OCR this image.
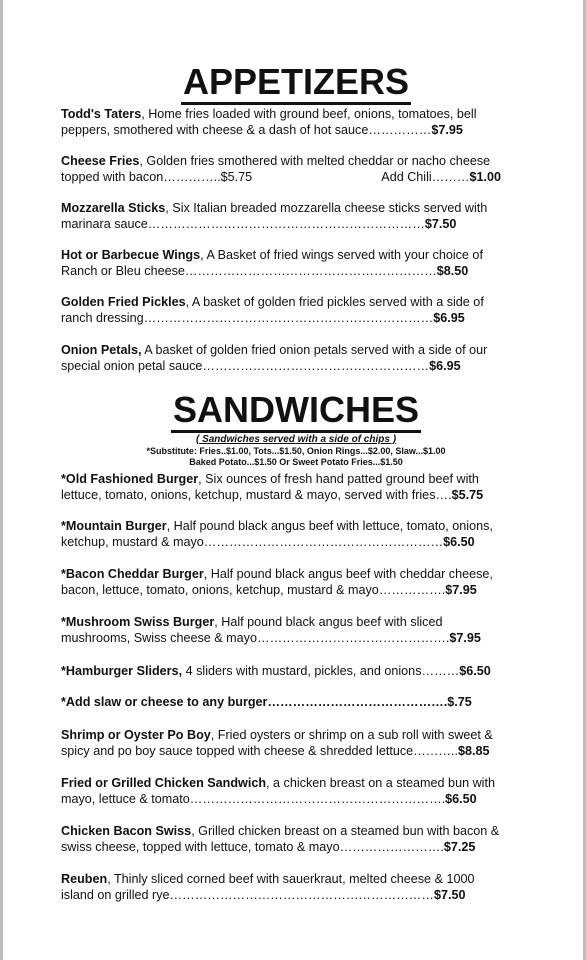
APPETIZERS
Todd's Taters, Home fries loaded with ground beef, onions, tomatoes, bell
peppers, smothered with cheese & a dash of hot sauce……………$7.95
Cheese Fries, Golden fries smothered with melted cheddar or nacho cheese
topped with bacon…………..$5.75	Add Chili………$1.00
Mozzarella Sticks, Six Italian breaded mozzarella cheese sticks served with
marinara sauce…………………………………………………………$7.50
Hot or Barbecue Wings, A Basket of fried wings served with your choice of
Ranch or Bleu cheese……………………………………………………$8.50
Golden Fried Pickles, A basket of golden fried pickles served with a side of
ranch dressing……………………………………………………………$6.95
Onion Petals, A basket of golden fried onion petals served with a side of our
special onion petal sauce………………………………………………$6.95
SANDWICHES
( Sandwiches served with a side of chips )
*Substitute: Fries..$1.00, Tots...$1.50, Onion Rings...$2.00, Slaw...$1.00
Baked Potato...$1.50 Or Sweet Potato Fries...$1.50
*Old Fashioned Burger, Six ounces of fresh hand patted ground beef with
lettuce, tomato, onions, ketchup, mustard & mayo, served with fries….$5.75
*Mountain Burger, Half pound black angus beef with lettuce, tomato, onions,
ketchup, mustard & mayo…………………………………………………$6.50
*Bacon Cheddar Burger, Half pound black angus beef with cheddar cheese,
bacon, lettuce, tomato, onions, ketchup, mustard & mayo…………….$7.95
*Mushroom Swiss Burger, Half pound black angus beef with sliced
mushrooms, Swiss cheese & mayo……………………………………….$7.95
*Hamburger Sliders, 4 sliders with mustard, pickles, and onions………$6.50
*Add slaw or cheese to any burger…………………………………….$.75
Shrimp or Oyster Po Boy, Fried oysters or shrimp on a sub roll with sweet &
spicy and po boy sauce topped with cheese & shredded lettuce………..$8.85
Fried or Grilled Chicken Sandwich, a chicken breast on a steamed bun with
mayo, lettuce & tomato…………………………………………………….$6.50
Chicken Bacon Swiss, Grilled chicken breast on a steamed bun with bacon &
swiss cheese, topped with lettuce, tomato & mayo…………………….$7.25
Reuben, Thinly sliced corned beef with sauerkraut, melted cheese & 1000
island on grilled rye………………………………………………………$7.50
